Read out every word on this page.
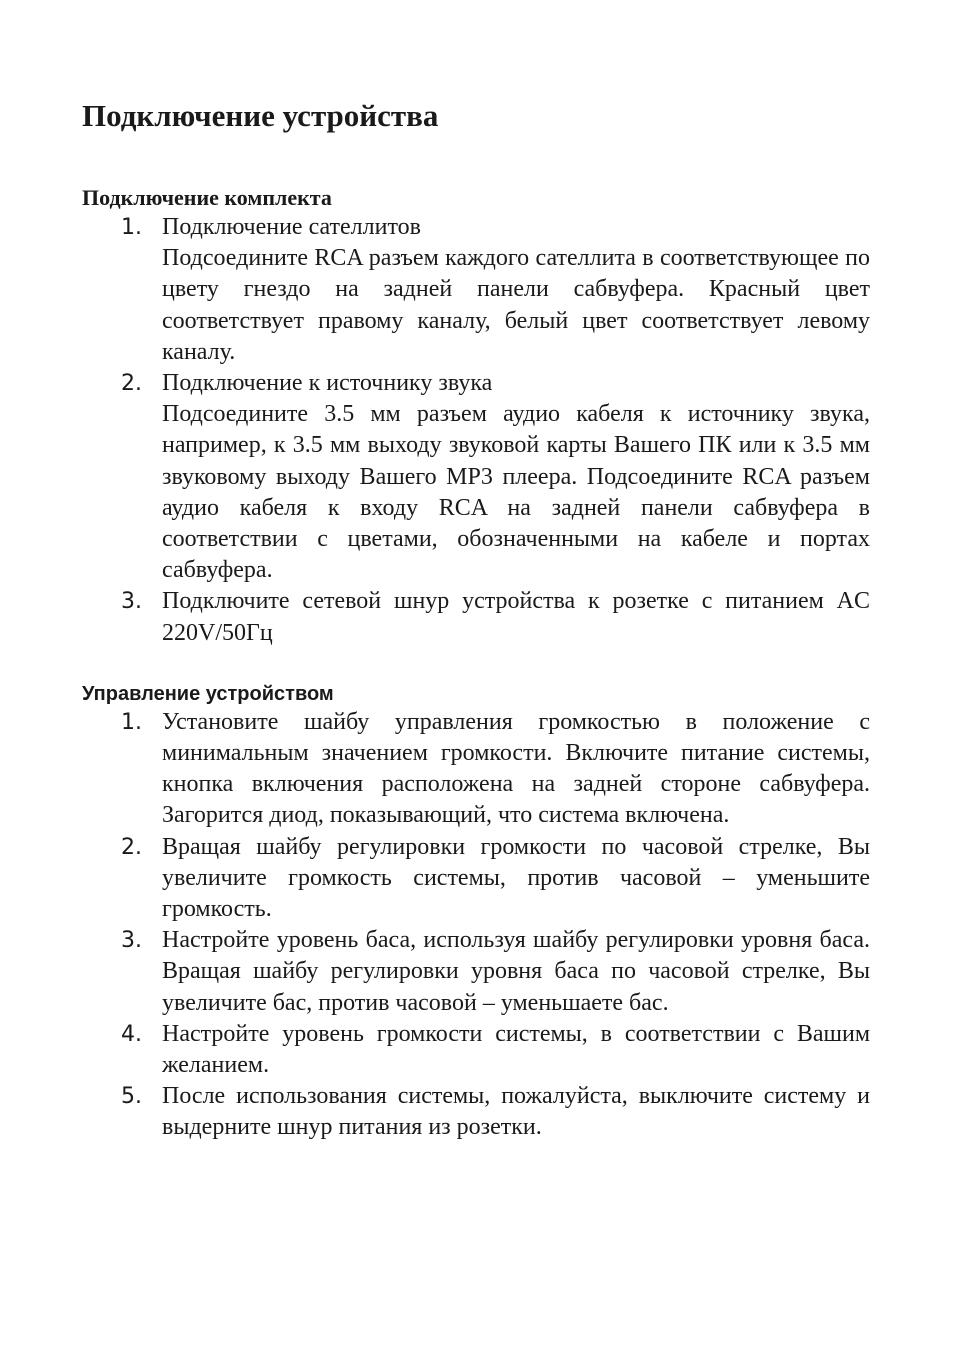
Подключение устройства
Подключение комплекта
1. Подключение сателлитов
Подсоедините RCA разъем каждого сателлита в соответствующее по цвету гнездо на задней панели сабвуфера. Красный цвет соответствует правому каналу, белый цвет соответствует левому каналу.
2. Подключение к источнику звука
Подсоедините 3.5 мм разъем аудио кабеля к источнику звука, например, к 3.5 мм выходу звуковой карты Вашего ПК или к 3.5 мм звуковому выходу Вашего MP3 плеера. Подсоедините RCA разъем аудио кабеля к входу RCA на задней панели сабвуфера в соответствии с цветами, обозначенными на кабеле и портах сабвуфера.
3. Подключите сетевой шнур устройства к розетке с питанием AC 220V/50Гц
Управление устройством
1. Установите шайбу управления громкостью в положение с минимальным значением громкости. Включите питание системы, кнопка включения расположена на задней стороне сабвуфера. Загорится диод, показывающий, что система включена.
2. Вращая шайбу регулировки громкости по часовой стрелке, Вы увеличите громкость системы, против часовой – уменьшите громкость.
3. Настройте уровень баса, используя шайбу регулировки уровня баса. Вращая шайбу регулировки уровня баса по часовой стрелке, Вы увеличите бас, против часовой – уменьшаете бас.
4. Настройте уровень громкости системы, в соответствии с Вашим желанием.
5. После использования системы, пожалуйста, выключите систему и выдерните шнур питания из розетки.
